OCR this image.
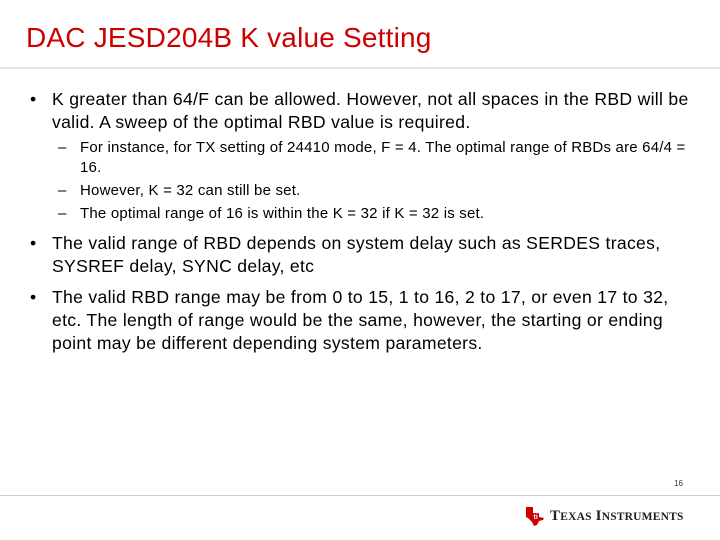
DAC JESD204B K value Setting
• K greater than 64/F can be allowed. However, not all spaces in the RBD will be valid. A sweep of the optimal RBD value is required.
– For instance, for TX setting of 24410 mode, F = 4. The optimal range of RBDs are 64/4 = 16.
– However, K = 32 can still be set.
– The optimal range of 16 is within the K = 32 if K = 32 is set.
• The valid range of RBD depends on system delay such as SERDES traces, SYSREF delay, SYNC delay, etc
• The valid RBD range may be from 0 to 15, 1 to 16, 2 to 17, or even 17 to 32, etc. The length of range would be the same, however, the starting or ending point may be different depending system parameters.
16
ti TEXAS INSTRUMENTS
